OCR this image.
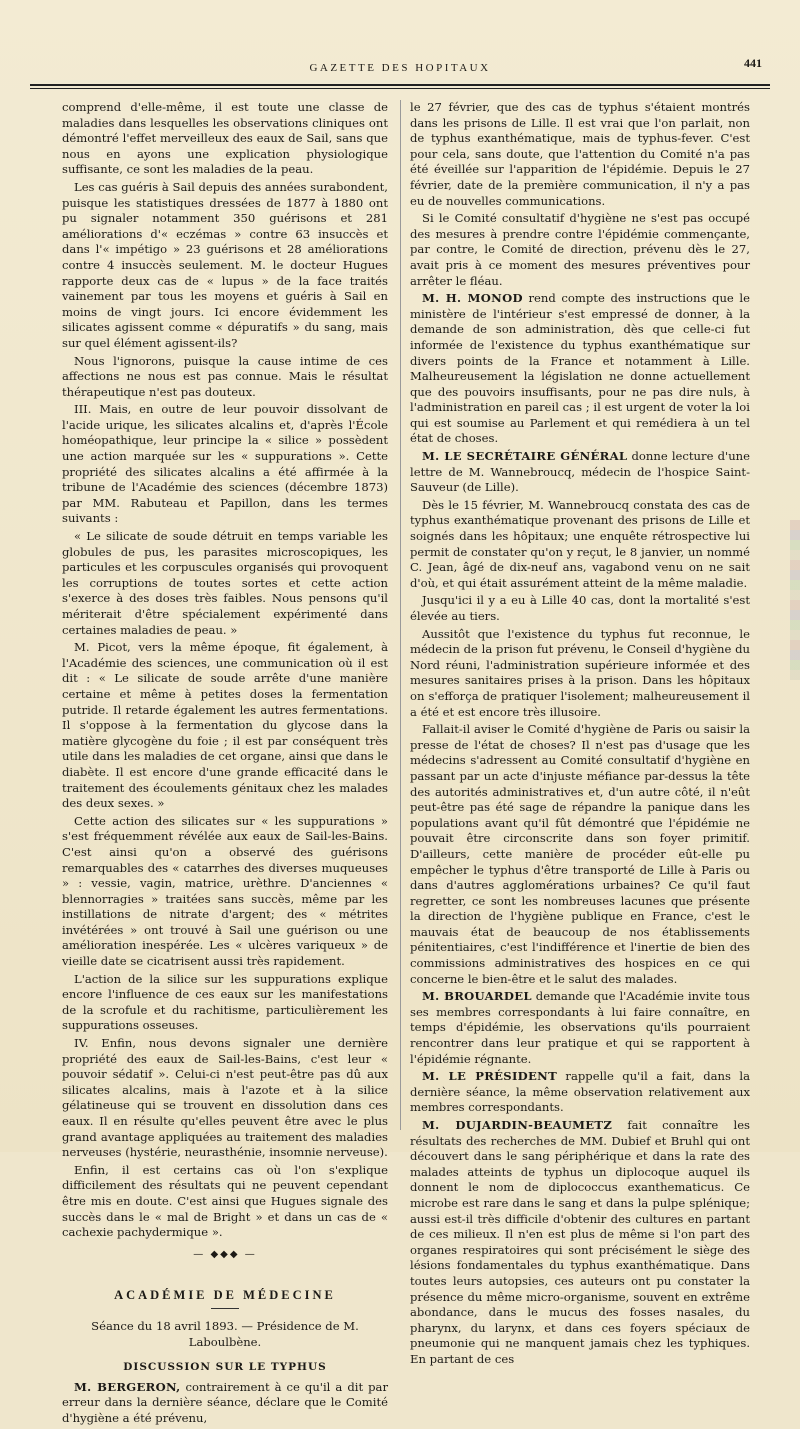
GAZETTE DES HOPITAUX	441

comprend d'elle-même, il est toute une classe de maladies dans lesquelles les observations cliniques ont démontré l'effet merveilleux des eaux de Sail, sans que nous en ayons une explication physiologique suffisante, ce sont les maladies de la peau.

Les cas guéris à Sail depuis des années surabondent, puisque les statistiques dressées de 1877 à 1880 ont pu signaler notamment 350 guérisons et 281 améliorations d'« eczémas » contre 63 insuccès et dans l'« impétigo » 23 guérisons et 28 améliorations contre 4 insuccès seulement. M. le docteur Hugues rapporte deux cas de « lupus » de la face traités vainement par tous les moyens et guéris à Sail en moins de vingt jours. Ici encore évidemment les silicates agissent comme « dépuratifs » du sang, mais sur quel élément agissent-ils?

Nous l'ignorons, puisque la cause intime de ces affections ne nous est pas connue. Mais le résultat thérapeutique n'est pas douteux.

III. Mais, en outre de leur pouvoir dissolvant de l'acide urique, les silicates alcalins et, d'après l'École homéopathique, leur principe la « silice » possèdent une action marquée sur les « suppurations ». Cette propriété des silicates alcalins a été affirmée à la tribune de l'Académie des sciences (décembre 1873) par MM. Rabuteau et Papillon, dans les termes suivants :

« Le silicate de soude détruit en temps variable les globules de pus, les parasites microscopiques, les particules et les corpuscules organisés qui provoquent les corruptions de toutes sortes et cette action s'exerce à des doses très faibles. Nous pensons qu'il mériterait d'être spécialement expérimenté dans certaines maladies de peau. »

M. Picot, vers la même époque, fit également, à l'Académie des sciences, une communication où il est dit : « Le silicate de soude arrête d'une manière certaine et même à petites doses la fermentation putride. Il retarde également les autres fermentations. Il s'oppose à la fermentation du glycose dans la matière glycogène du foie ; il est par conséquent très utile dans les maladies de cet organe, ainsi que dans le diabète. Il est encore d'une grande efficacité dans le traitement des écoulements génitaux chez les malades des deux sexes. »

Cette action des silicates sur « les suppurations » s'est fréquemment révélée aux eaux de Sail-les-Bains. C'est ainsi qu'on a observé des guérisons remarquables des « catarrhes des diverses muqueuses » : vessie, vagin, matrice, urèthre. D'anciennes « blennorragies » traitées sans succès, même par les instillations de nitrate d'argent; des « métrites invétérées » ont trouvé à Sail une guérison ou une amélioration inespérée. Les « ulcères variqueux » de vieille date se cicatrisent aussi très rapidement.

L'action de la silice sur les suppurations explique encore l'influence de ces eaux sur les manifestations de la scrofule et du rachitisme, particulièrement les suppurations osseuses.

IV. Enfin, nous devons signaler une dernière propriété des eaux de Sail-les-Bains, c'est leur « pouvoir sédatif ». Celui-ci n'est peut-être pas dû aux silicates alcalins, mais à l'azote et à la silice gélatineuse qui se trouvent en dissolution dans ces eaux. Il en résulte qu'elles peuvent être avec le plus grand avantage appliquées au traitement des maladies nerveuses (hystérie, neurasthénie, insomnie nerveuse).

Enfin, il est certains cas où l'on s'explique difficilement des résultats qui ne peuvent cependant être mis en doute. C'est ainsi que Hugues signale des succès dans le « mal de Bright » et dans un cas de « cachexie pachydermique ».

— ◆◆◆ —
ACADÉMIE DE MÉDECINE
Séance du 18 avril 1893. — Présidence de M. Laboulbène.
DISCUSSION SUR LE TYPHUS

M. BERGERON, contrairement à ce qu'il a dit par erreur dans la dernière séance, déclare que le Comité d'hygiène a été prévenu,

le 27 février, que des cas de typhus s'étaient montrés dans les prisons de Lille. Il est vrai que l'on parlait, non de typhus exanthématique, mais de typhus-fever. C'est pour cela, sans doute, que l'attention du Comité n'a pas été éveillée sur l'apparition de l'épidémie. Depuis le 27 février, date de la première communication, il n'y a pas eu de nouvelles communications.

Si le Comité consultatif d'hygiène ne s'est pas occupé des mesures à prendre contre l'épidémie commençante, par contre, le Comité de direction, prévenu dès le 27, avait pris à ce moment des mesures préventives pour arrêter le fléau.

M. H. MONOD rend compte des instructions que le ministère de l'intérieur s'est empressé de donner, à la demande de son administration, dès que celle-ci fut informée de l'existence du typhus exanthématique sur divers points de la France et notamment à Lille. Malheureusement la législation ne donne actuellement que des pouvoirs insuffisants, pour ne pas dire nuls, à l'administration en pareil cas ; il est urgent de voter la loi qui est soumise au Parlement et qui remédiera à un tel état de choses.

M. LE SECRÉTAIRE GÉNÉRAL donne lecture d'une lettre de M. Wannebroucq, médecin de l'hospice Saint-Sauveur (de Lille).

Dès le 15 février, M. Wannebroucq constata des cas de typhus exanthématique provenant des prisons de Lille et soignés dans les hôpitaux; une enquête rétrospective lui permit de constater qu'on y reçut, le 8 janvier, un nommé C. Jean, âgé de dix-neuf ans, vagabond venu on ne sait d'où, et qui était assurément atteint de la même maladie.

Jusqu'ici il y a eu à Lille 40 cas, dont la mortalité s'est élevée au tiers.

Aussitôt que l'existence du typhus fut reconnue, le médecin de la prison fut prévenu, le Conseil d'hygiène du Nord réuni, l'administration supérieure informée et des mesures sanitaires prises à la prison. Dans les hôpitaux on s'efforça de pratiquer l'isolement; malheureusement il a été et est encore très illusoire.

Fallait-il aviser le Comité d'hygiène de Paris ou saisir la presse de l'état de choses? Il n'est pas d'usage que les médecins s'adressent au Comité consultatif d'hygiène en passant par un acte d'injuste méfiance par-dessus la tête des autorités administratives et, d'un autre côté, il n'eût peut-être pas été sage de répandre la panique dans les populations avant qu'il fût démontré que l'épidémie ne pouvait être circonscrite dans son foyer primitif. D'ailleurs, cette manière de procéder eût-elle pu empêcher le typhus d'être transporté de Lille à Paris ou dans d'autres agglomérations urbaines? Ce qu'il faut regretter, ce sont les nombreuses lacunes que présente la direction de l'hygiène publique en France, c'est le mauvais état de beaucoup de nos établissements pénitentiaires, c'est l'indifférence et l'inertie de bien des commissions administratives des hospices en ce qui concerne le bien-être et le salut des malades.

M. BROUARDEL demande que l'Académie invite tous ses membres correspondants à lui faire connaître, en temps d'épidémie, les observations qu'ils pourraient rencontrer dans leur pratique et qui se rapportent à l'épidémie régnante.

M. LE PRÉSIDENT rappelle qu'il a fait, dans la dernière séance, la même observation relativement aux membres correspondants.

M. DUJARDIN-BEAUMETZ fait connaître les résultats des recherches de MM. Dubief et Bruhl qui ont découvert dans le sang périphérique et dans la rate des malades atteints de typhus un diplocoque auquel ils donnent le nom de diplococcus exanthematicus. Ce microbe est rare dans le sang et dans la pulpe splénique; aussi est-il très difficile d'obtenir des cultures en partant de ces milieux. Il n'en est plus de même si l'on part des organes respiratoires qui sont précisément le siège des lésions fondamentales du typhus exanthématique. Dans toutes leurs autopsies, ces auteurs ont pu constater la présence du même micro-organisme, souvent en extrême abondance, dans le mucus des fosses nasales, du pharynx, du larynx, et dans ces foyers spéciaux de pneumonie qui ne manquent jamais chez les typhiques. En partant de ces
